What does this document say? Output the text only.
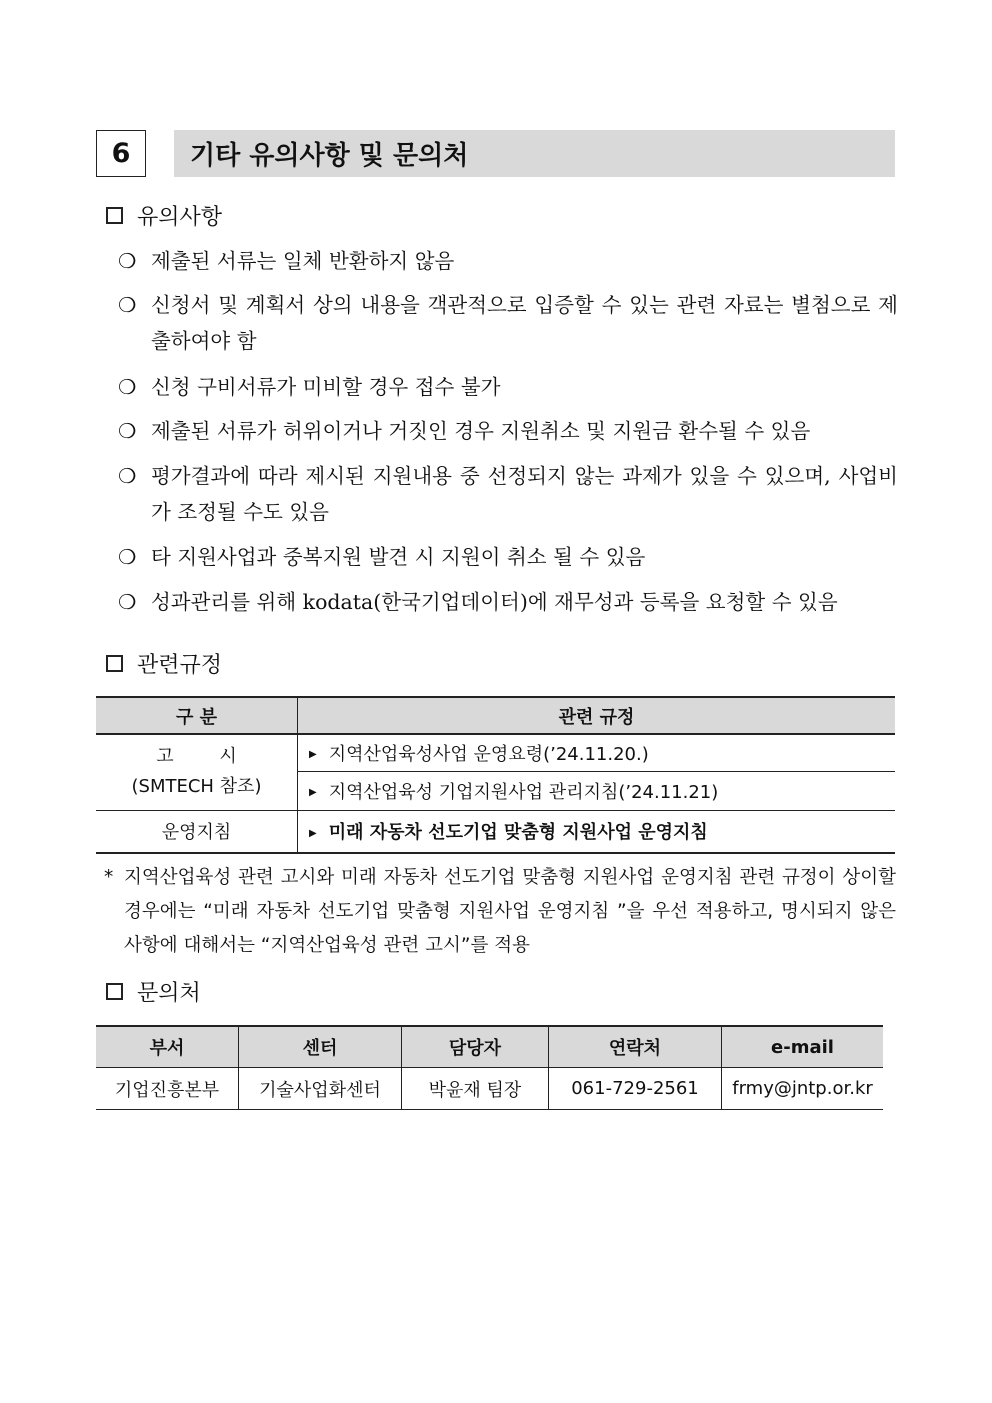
6	기타 유의사항 및 문의처
유의사항
❍ 제출된 서류는 일체 반환하지 않음
❍ 신청서 및 계획서 상의 내용을 객관적으로 입증할 수 있는 관련 자료는 별첨으로 제출하여야 함
❍ 신청 구비서류가 미비할 경우 접수 불가
❍ 제출된 서류가 허위이거나 거짓인 경우 지원취소 및 지원금 환수될 수 있음
❍ 평가결과에 따라 제시된 지원내용 중 선정되지 않는 과제가 있을 수 있으며, 사업비가 조정될 수도 있음
❍ 타 지원사업과 중복지원 발견 시 지원이 취소 될 수 있음
❍ 성과관리를 위해 kodata(한국기업데이터)에 재무성과 등록을 요청할 수 있음
관련규정
구 분	관련 규정

고 시
(SMTECH 참조)	▶ 지역산업육성사업 운영요령(’24.11.20.)
	▶ 지역산업육성 기업지원사업 관리지침(’24.11.21)
운영지침	▶ 미래 자동차 선도기업 맞춤형 지원사업 운영지침
* 지역산업육성 관련 고시와 미래 자동차 선도기업 맞춤형 지원사업 운영지침 관련 규정이 상이할 경우에는 “미래 자동차 선도기업 맞춤형 지원사업 운영지침 ”을 우선 적용하고, 명시되지 않은 사항에 대해서는 “지역산업육성 관련 고시”를 적용
문의처
부서	센터	담당자	연락처	e-mail
기업진흥본부	기술사업화센터	박윤재 팀장	061-729-2561	frmy@jntp.or.kr
